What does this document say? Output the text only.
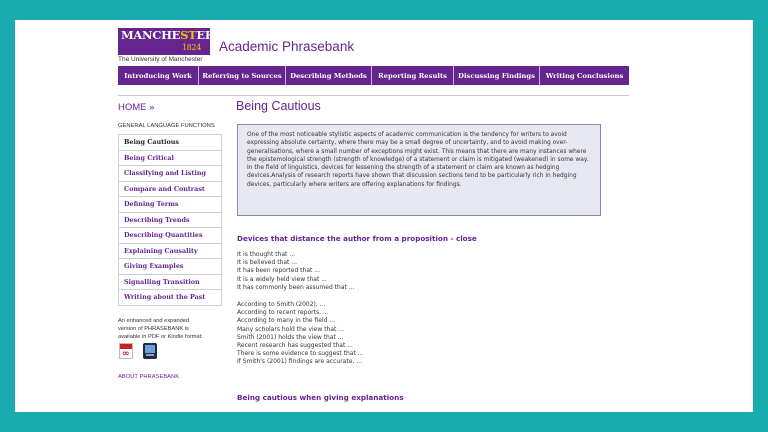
MANCHESTER
1824
The University of Manchester
Academic Phrasebank
Introducing Work	Referring to Sources	Describing Methods	Reporting Results	Discussing Findings	Writing Conclusions
HOME »
GENERAL LANGUAGE FUNCTIONS
Being Cautious
Being Critical
Classifying and Listing
Compare and Contrast
Defining Terms
Describing Trends
Describing Quantities
Explaining Causality
Giving Examples
Signalling Transition
Writing about the Past
An enhanced and expanded
version of PHRASEBANK is
available in PDF or Kindle format:
∞
ABOUT PHRASEBANK
Being Cautious
One of the most noticeable stylistic aspects of academic communication is the tendency for writers to avoid expressing absolute certainty, where there may be a small degree of uncertainty, and to avoid making over-generalisations, where a small number of exceptions might exist. This means that there are many instances where the epistemological strength (strength of knowledge) of a statement or claim is mitigated (weakened) in some way. In the field of linguistics, devices for lessening the strength of a statement or claim are known as hedging devices.Analysis of research reports have shown that discussion sections tend to be particularly rich in hedging devices, particularly where writers are offering explanations for findings.
Devices that distance the author from a proposition - close
It is thought that ...
It is believed that ...
It has been reported that ...
It is a widely held view that ...
It has commonly been assumed that ...
According to Smith (2002), ...
According to recent reports, ...
According to many in the field ...
Many scholars hold the view that ...
Smith (2001) holds the view that ...
Recent research has suggested that ...
There is some evidence to suggest that ...
If Smith's (2001) findings are accurate, ...
Being cautious when giving explanations
